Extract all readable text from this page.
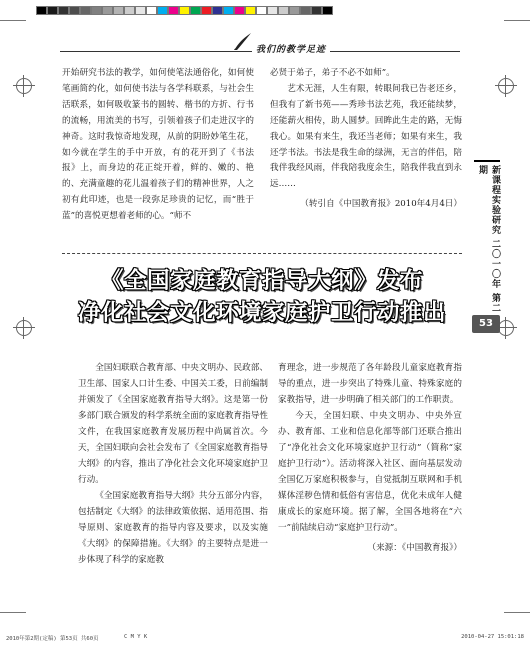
我们的教学足迹

开始研究书法的教学，如何使笔法通俗化，如何使笔画简约化，如何使书法与各学科联系，与社会生活联系，如何吸收篆书的圆转、楷书的方折、行书的流畅，用流美的书写，引领着孩子们走进汉字的神奇。这时我惊奇地发现，从前的阴盼妙笔生花，如今就在学生的手中开放，有的花开到了《书法报》上，而身边的花正绽开着，鲜的、嫩的、艳的、充满童趣的花儿温着孩子们的精神世界，人之初有此印迹，也是一段弥足珍贵的记忆，而“胜于蓝”的喜悦更想着老师的心。“师不

必贤于弟子，弟子不必不如师”。

艺术无涯，人生有限，转眼间我已告老还乡，但我有了新书苑——秀珍书法艺苑，我还能续梦，还能薪火相传，助人圆梦。回眸此生走的路，无悔我心。如果有来生，我还当老师；如果有来生，我还学书法。书法是我生命的绿洲，无言的伴侣，陪我伴我经风雨，伴我陪我度余生，陪我伴我直到永远……

（转引自《中国教育报》2010年4月4日）

《全国家庭教育指导大纲》发布
净化社会文化环境家庭护卫行动推出

全国妇联联合教育部、中央文明办、民政部、卫生部、国家人口计生委、中国关工委，日前编制并颁发了《全国家庭教育指导大纲》。这是第一份多部门联合颁发的科学系统全面的家庭教育指导性文件，在我国家庭教育发展历程中尚属首次。今天，全国妇联向会社会发布了《全国家庭教育指导大纲》的内容，推出了净化社会文化环境家庭护卫行动。

《全国家庭教育指导大纲》共分五部分内容，包括制定《大纲》的法律政策依据、适用范围、指导原则、家庭教育的指导内容及要求，以及实施《大纲》的保障措施。《大纲》的主要特点是进一步体现了科学的家庭教

育理念，进一步规范了各年龄段儿童家庭教育指导的重点，进一步突出了特殊儿童、特殊家庭的家教指导，进一步明确了相关部门的工作职责。

今天，全国妇联、中央文明办、中央外宣办、教育部、工业和信息化部等部门还联合推出了“净化社会文化环境家庭护卫行动”（简称“家庭护卫行动”）。活动将深入社区、面向基层发动全国亿万家庭积极参与，自觉抵制互联网和手机媒体淫秽色情和低俗有害信息，优化未成年人健康成长的家庭环境。据了解，全国各地将在“六一”前陆续启动“家庭护卫行动”。

（来源：《中国教育报》）

新课程实验研究 二〇一〇年 第二期
53
2010年第2期(定稿) 第53页 共60页	C M Y K	2010-04-27 15:01:18
